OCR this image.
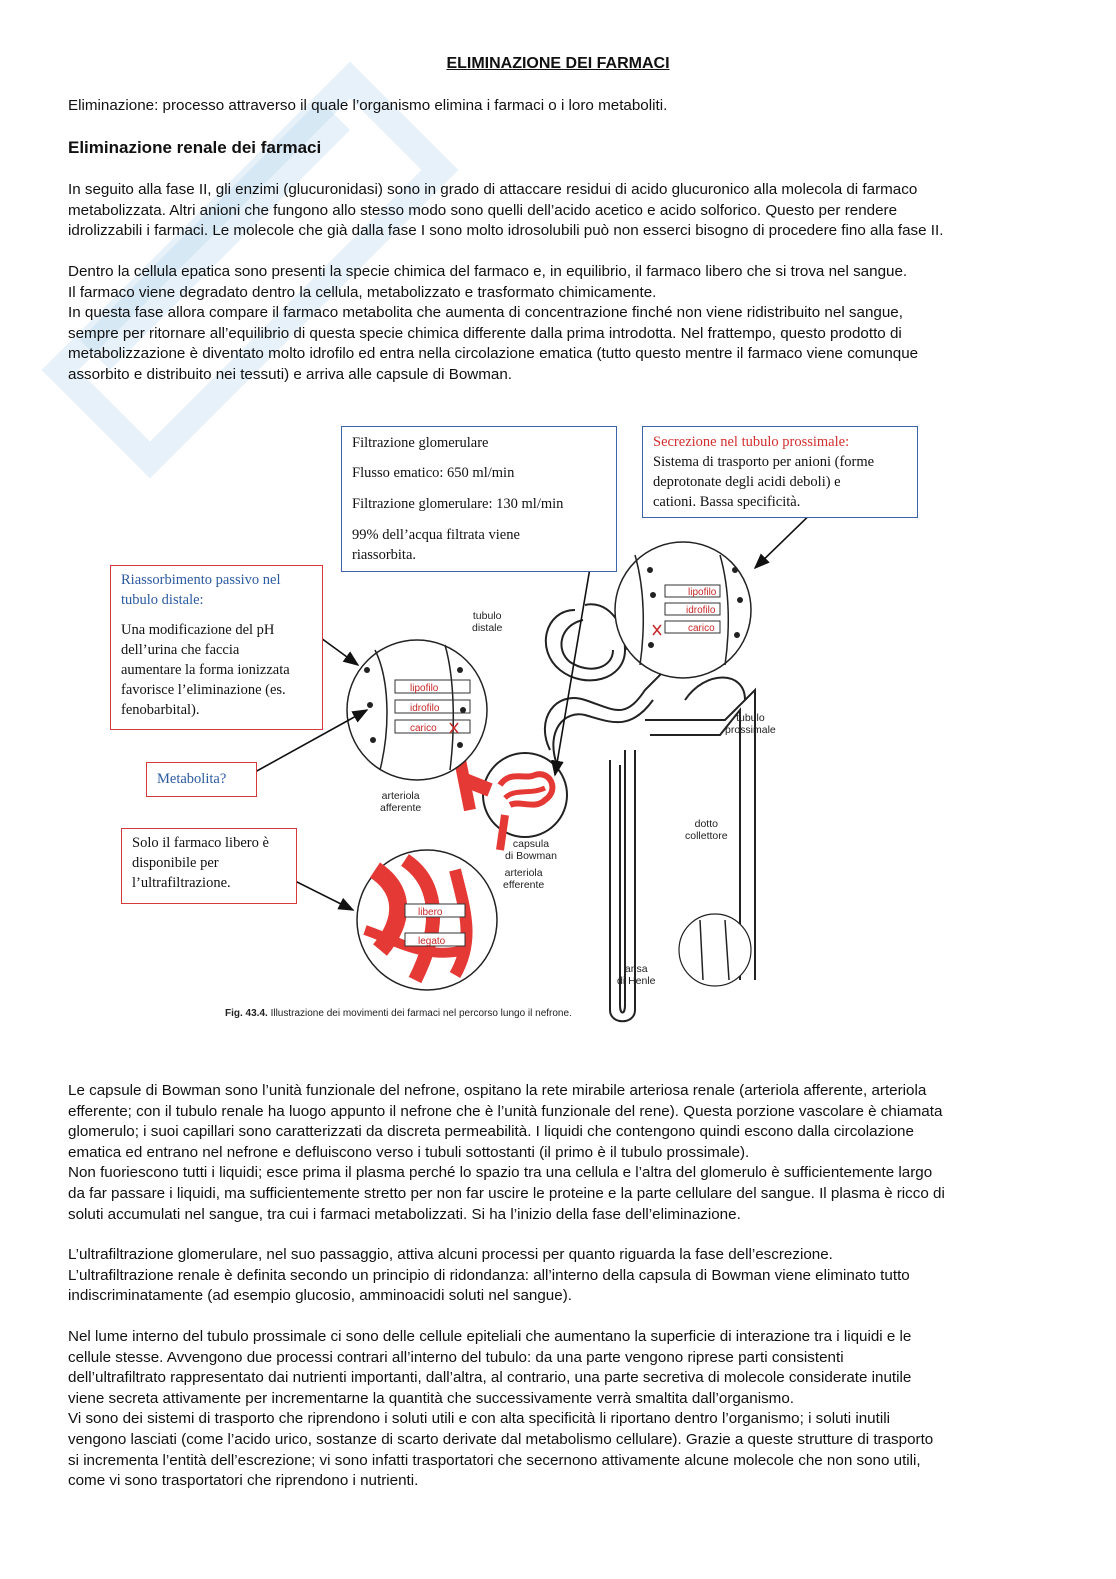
ELIMINAZIONE DEI FARMACI

Eliminazione: processo attraverso il quale l’organismo elimina i farmaci o i loro metaboliti.

Eliminazione renale dei farmaci

In seguito alla fase II, gli enzimi (glucuronidasi) sono in grado di attaccare residui di acido glucuronico alla molecola di farmaco
metabolizzata. Altri anioni che fungono allo stesso modo sono quelli dell’acido acetico e acido solforico. Questo per rendere
idrolizzabili i farmaci. Le molecole che già dalla fase I sono molto idrosolubili può non esserci bisogno di procedere fino alla fase II.

Dentro la cellula epatica sono presenti la specie chimica del farmaco e, in equilibrio, il farmaco libero che si trova nel sangue.
Il farmaco viene degradato dentro la cellula, metabolizzato e trasformato chimicamente.
In questa fase allora compare il farmaco metabolita che aumenta di concentrazione finché non viene ridistribuito nel sangue,
sempre per ritornare all’equilibrio di questa specie chimica differente dalla prima introdotta. Nel frattempo, questo prodotto di
metabolizzazione è diventato molto idrofilo ed entra nella circolazione ematica (tutto questo mentre il farmaco viene comunque
assorbito e distribuito nei tessuti) e arriva alle capsule di Bowman.

Le capsule di Bowman sono l’unità funzionale del nefrone, ospitano la rete mirabile arteriosa renale (arteriola afferente, arteriola
efferente; con il tubulo renale ha luogo appunto il nefrone che è l’unità funzionale del rene). Questa porzione vascolare è chiamata
glomerulo; i suoi capillari sono caratterizzati da discreta permeabilità. I liquidi che contengono quindi escono dalla circolazione
ematica ed entrano nel nefrone e defluiscono verso i tubuli sottostanti (il primo è il tubulo prossimale).
Non fuoriescono tutti i liquidi; esce prima il plasma perché lo spazio tra una cellula e l’altra del glomerulo è sufficientemente largo
da far passare i liquidi, ma sufficientemente stretto per non far uscire le proteine e la parte cellulare del sangue. Il plasma è ricco di
soluti accumulati nel sangue, tra cui i farmaci metabolizzati. Si ha l’inizio della fase dell’eliminazione.

L’ultrafiltrazione glomerulare, nel suo passaggio, attiva alcuni processi per quanto riguarda la fase dell’escrezione.
L’ultrafiltrazione renale è definita secondo un principio di ridondanza: all’interno della capsula di Bowman viene eliminato tutto
indiscriminatamente (ad esempio glucosio, amminoacidi soluti nel sangue).

Nel lume interno del tubulo prossimale ci sono delle cellule epiteliali che aumentano la superficie di interazione tra i liquidi e le
cellule stesse. Avvengono due processi contrari all’interno del tubulo: da una parte vengono riprese parti consistenti
dell’ultrafiltrato rappresentato dai nutrienti importanti, dall’altra, al contrario, una parte secretiva di molecole considerate inutile
viene secreta attivamente per incrementarne la quantità che successivamente verrà smaltita dall’organismo.
Vi sono dei sistemi di trasporto che riprendono i soluti utili e con alta specificità li riportano dentro l’organismo; i soluti inutili
vengono lasciati (come l’acido urico, sostanze di scarto derivate dal metabolismo cellulare). Grazie a queste strutture di trasporto
si incrementa l’entità dell’escrezione; vi sono infatti trasportatori che secernono attivamente alcune molecole che non sono utili,
come vi sono trasportatori che riprendono i nutrienti.

lipofilo
idrofilo
carico
lipofilo
idrofilo
carico
libero
legato
Filtrazione glomerulare
Flusso ematico: 650 ml/min
Filtrazione glomerulare: 130 ml/min
99% dell’acqua filtrata viene
riassorbita.
Secrezione nel tubulo prossimale:
Sistema di trasporto per anioni (forme
deprotonate degli acidi deboli) e
cationi. Bassa specificità.
Riassorbimento passivo nel
tubulo distale:
Una modificazione del pH
dell’urina che faccia
aumentare la forma ionizzata
favorisce l’eliminazione (es.
fenobarbital).
Metabolita?
Solo il farmaco libero è
disponibile per
l’ultrafiltrazione.
tubulo
distale
tubulo
prossimale
arteriola
afferente
capsula
di Bowman
arteriola
efferente
dotto
collettore
ansa
di Henle
Fig. 43.4. Illustrazione dei movimenti dei farmaci nel percorso lungo il nefrone.
